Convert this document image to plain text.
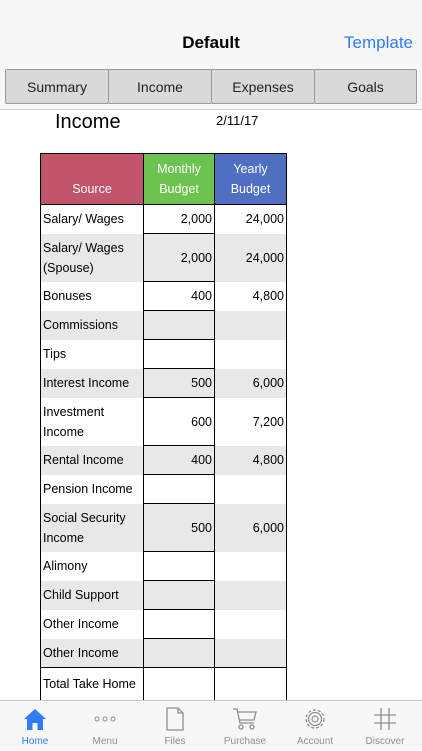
Default	Template
Summary	Income	Expenses	Goals
Income	2/11/17
Source	Monthly Budget	Yearly Budget
Salary/ Wages	2,000	24,000
Salary/ Wages (Spouse)	2,000	24,000
Bonuses	400	4,800
Commissions		
Tips		
Interest Income	500	6,000
Investment Income	600	7,200
Rental Income	400	4,800
Pension Income		
Social Security Income	500	6,000
Alimony		
Child Support		
Other Income		
Other Income		
Total Take Home		
Home	Menu	Files	Purchase	Account	Discover
